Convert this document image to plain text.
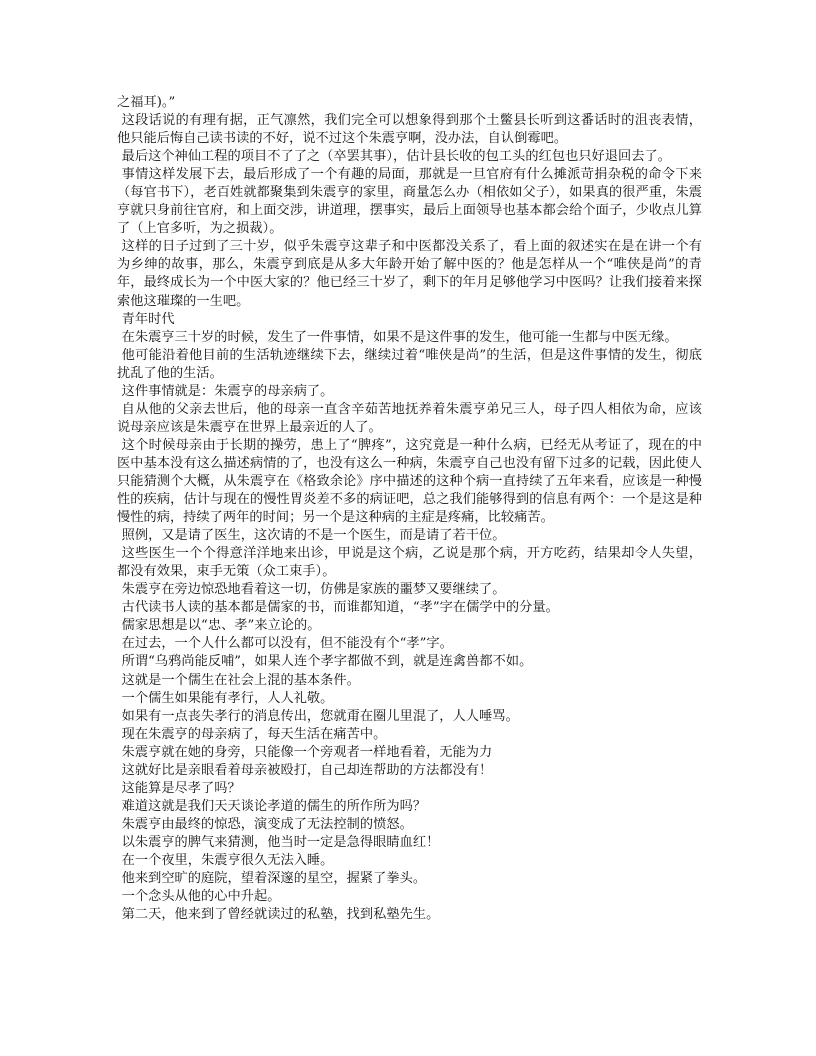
之福耳)。”

这段话说的有理有据，正气凛然，我们完全可以想象得到那个土鳖县长听到这番话时的沮丧表情，他只能后悔自己读书读的不好，说不过这个朱震亨啊，没办法，自认倒霉吧。

最后这个神仙工程的项目不了了之（卒罢其事），估计县长收的包工头的红包也只好退回去了。

事情这样发展下去，最后形成了一个有趣的局面，那就是一旦官府有什么摊派苛捐杂税的命令下来（每官书下），老百姓就都聚集到朱震亨的家里，商量怎么办（相依如父子），如果真的很严重，朱震亨就只身前往官府，和上面交涉，讲道理，摆事实，最后上面领导也基本都会给个面子，少收点儿算了（上官多听，为之损裁）。

这样的日子过到了三十岁，似乎朱震亨这辈子和中医都没关系了，看上面的叙述实在是在讲一个有为乡绅的故事，那么，朱震亨到底是从多大年龄开始了解中医的？他是怎样从一个“唯侠是尚”的青年，最终成长为一个中医大家的？他已经三十岁了，剩下的年月足够他学习中医吗？让我们接着来探索他这璀璨的一生吧。

青年时代

在朱震亨三十岁的时候，发生了一件事情，如果不是这件事的发生，他可能一生都与中医无缘。

他可能沿着他目前的生活轨迹继续下去，继续过着“唯侠是尚”的生活，但是这件事情的发生，彻底扰乱了他的生活。

这件事情就是：朱震亨的母亲病了。

自从他的父亲去世后，他的母亲一直含辛茹苦地抚养着朱震亨弟兄三人，母子四人相依为命，应该说母亲应该是朱震亨在世界上最亲近的人了。

这个时候母亲由于长期的操劳，患上了“脾疼”，这究竟是一种什么病，已经无从考证了，现在的中医中基本没有这么描述病情的了，也没有这么一种病，朱震亨自己也没有留下过多的记载，因此使人只能猜测个大概，从朱震亨在《格致余论》序中描述的这种个病一直持续了五年来看，应该是一种慢性的疾病，估计与现在的慢性胃炎差不多的病证吧，总之我们能够得到的信息有两个：一个是这是种慢性的病，持续了两年的时间；另一个是这种病的主症是疼痛，比较痛苦。

照例，又是请了医生，这次请的不是一个医生，而是请了若干位。

这些医生一个个得意洋洋地来出诊，甲说是这个病，乙说是那个病，开方吃药，结果却令人失望，都没有效果，束手无策（众工束手）。

朱震亨在旁边惊恐地看着这一切，仿佛是家族的噩梦又要继续了。

古代读书人读的基本都是儒家的书，而谁都知道，“孝”字在儒学中的分量。

儒家思想是以“忠、孝”来立论的。

在过去，一个人什么都可以没有，但不能没有个“孝”字。

所谓“乌鸦尚能反哺”，如果人连个孝字都做不到，就是连禽兽都不如。

这就是一个儒生在社会上混的基本条件。

一个儒生如果能有孝行，人人礼敬。

如果有一点丧失孝行的消息传出，您就甭在圈儿里混了，人人唾骂。

现在朱震亨的母亲病了，每天生活在痛苦中。

朱震亨就在她的身旁，只能像一个旁观者一样地看着，无能为力

这就好比是亲眼看着母亲被殴打，自己却连帮助的方法都没有！

这能算是尽孝了吗？

难道这就是我们天天谈论孝道的儒生的所作所为吗？

朱震亨由最终的惊恐，演变成了无法控制的愤怒。

以朱震亨的脾气来猜测，他当时一定是急得眼睛血红！

在一个夜里，朱震亨很久无法入睡。

他来到空旷的庭院，望着深邃的星空，握紧了拳头。

一个念头从他的心中升起。

第二天，他来到了曾经就读过的私塾，找到私塾先生。
